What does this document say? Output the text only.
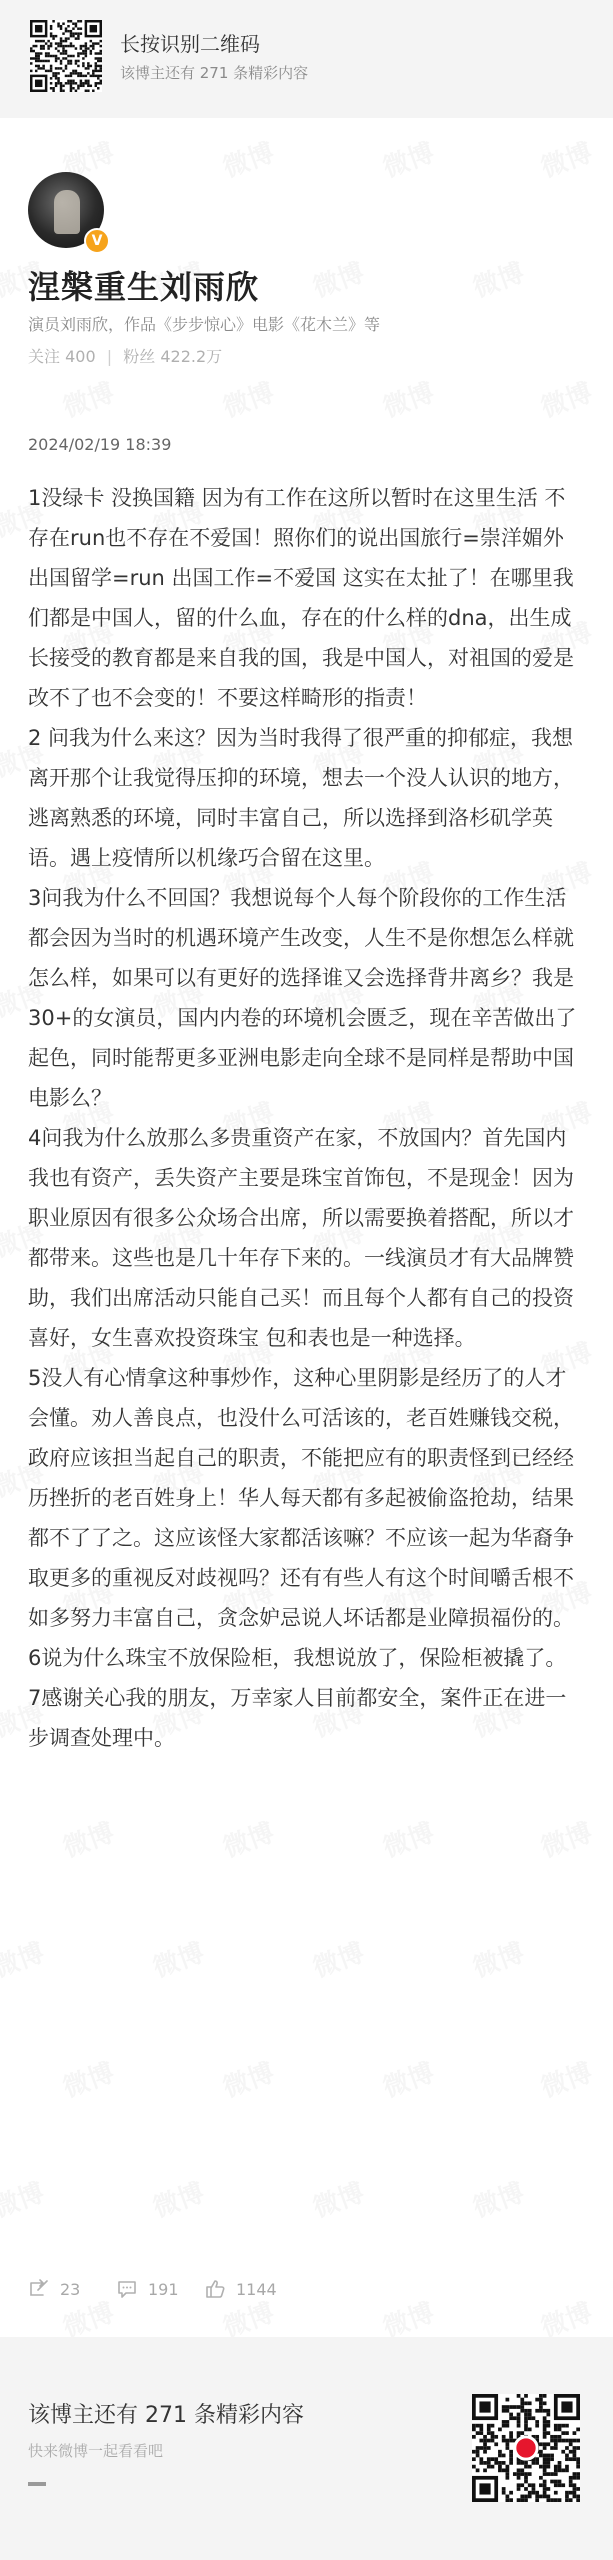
长按识别二维码
该博主还有 271 条精彩内容
V
涅槃重生刘雨欣
演员刘雨欣，作品《步步惊心》电影《花木兰》等
关注 400 | 粉丝 422.2万
2024/02/19 18:39

1没绿卡 没换国籍 因为有工作在这所以暂时在这里生活 不存在run也不存在不爱国！照你们的说出国旅行=崇洋媚外 出国留学=run 出国工作=不爱国 这实在太扯了！在哪里我们都是中国人，留的什么血，存在的什么样的dna，出生成长接受的教育都是来自我的国，我是中国人，对祖国的爱是改不了也不会变的！不要这样畸形的指责！

2 问我为什么来这？因为当时我得了很严重的抑郁症，我想离开那个让我觉得压抑的环境，想去一个没人认识的地方，逃离熟悉的环境，同时丰富自己，所以选择到洛杉矶学英语。遇上疫情所以机缘巧合留在这里。

3问我为什么不回国？我想说每个人每个阶段你的工作生活都会因为当时的机遇环境产生改变，人生不是你想怎么样就怎么样，如果可以有更好的选择谁又会选择背井离乡？我是 30+的女演员，国内内卷的环境机会匮乏，现在辛苦做出了起色，同时能帮更多亚洲电影走向全球不是同样是帮助中国电影么？

4问我为什么放那么多贵重资产在家，不放国内？首先国内我也有资产，丢失资产主要是珠宝首饰包，不是现金！因为职业原因有很多公众场合出席，所以需要换着搭配，所以才都带来。这些也是几十年存下来的。一线演员才有大品牌赞助，我们出席活动只能自己买！而且每个人都有自己的投资喜好，女生喜欢投资珠宝 包和表也是一种选择。

5没人有心情拿这种事炒作，这种心里阴影是经历了的人才会懂。劝人善良点，也没什么可活该的，老百姓赚钱交税，政府应该担当起自己的职责，不能把应有的职责怪到已经经历挫折的老百姓身上！华人每天都有多起被偷盗抢劫，结果都不了了之。这应该怪大家都活该嘛？不应该一起为华裔争取更多的重视反对歧视吗？还有有些人有这个时间嚼舌根不如多努力丰富自己，贪念妒忌说人坏话都是业障损福份的。

6说为什么珠宝不放保险柜，我想说放了，保险柜被撬了。

7感谢关心我的朋友，万幸家人目前都安全，案件正在进一步调查处理中。

23	191	1144
该博主还有 271 条精彩内容
快来微博一起看看吧
